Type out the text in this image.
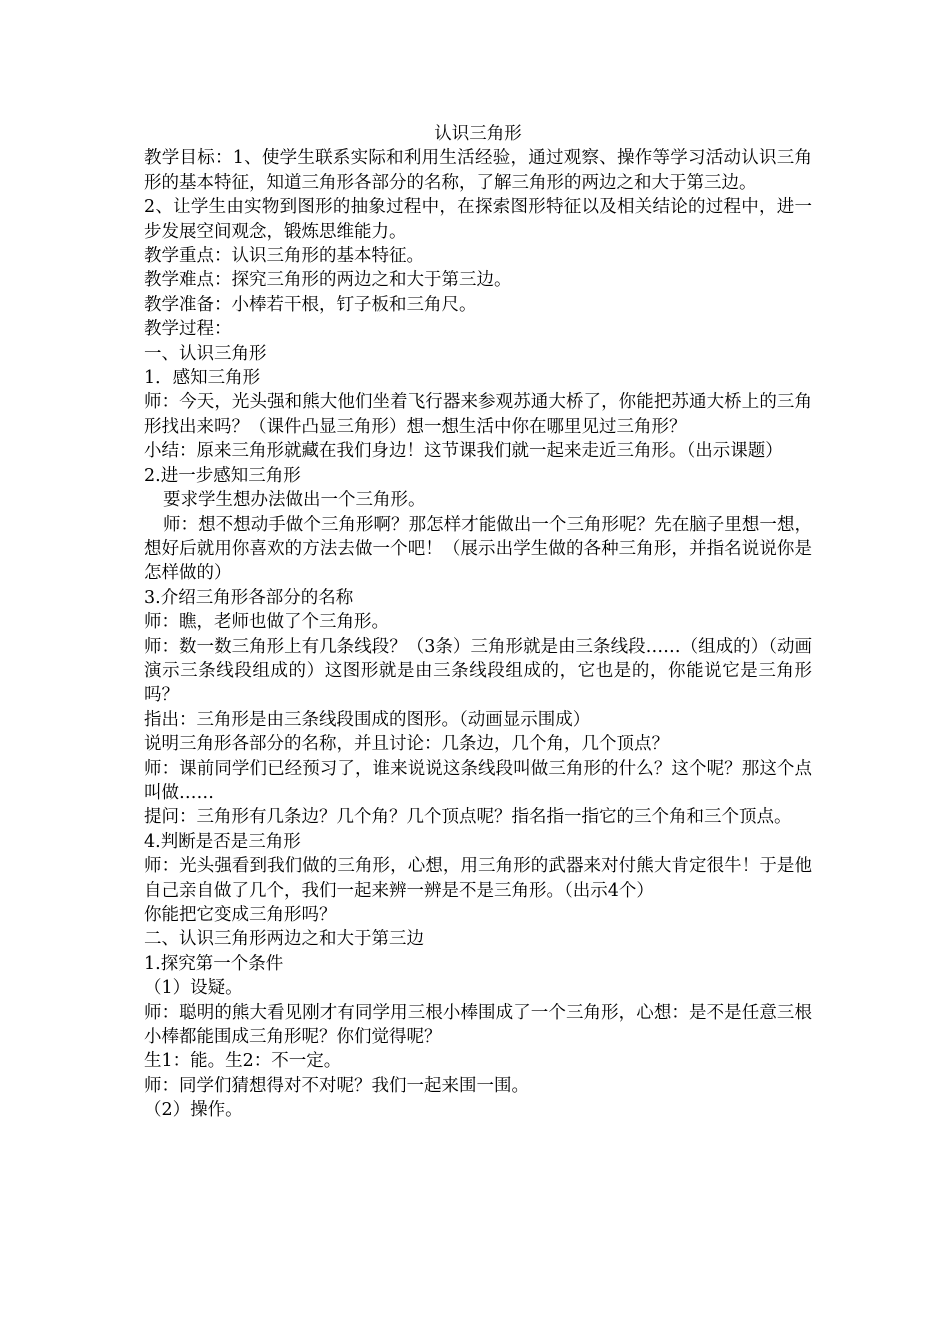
认识三角形

教学目标：1、使学生联系实际和利用生活经验，通过观察、操作等学习活动认识三角形的基本特征，知道三角形各部分的名称，了解三角形的两边之和大于第三边。

2、让学生由实物到图形的抽象过程中，在探索图形特征以及相关结论的过程中，进一步发展空间观念，锻炼思维能力。

教学重点：认识三角形的基本特征。

教学难点：探究三角形的两边之和大于第三边。

教学准备：小棒若干根，钉子板和三角尺。

教学过程：

一、认识三角形

1．感知三角形

师：今天，光头强和熊大他们坐着飞行器来参观苏通大桥了，你能把苏通大桥上的三角形找出来吗？（课件凸显三角形）想一想生活中你在哪里见过三角形？

小结：原来三角形就藏在我们身边！这节课我们就一起来走近三角形。（出示课题）

2.进一步感知三角形

要求学生想办法做出一个三角形。

师：想不想动手做个三角形啊？那怎样才能做出一个三角形呢？先在脑子里想一想，想好后就用你喜欢的方法去做一个吧！（展示出学生做的各种三角形，并指名说说你是怎样做的）

3.介绍三角形各部分的名称

师：瞧，老师也做了个三角形。

师：数一数三角形上有几条线段？（3条）三角形就是由三条线段……（组成的）（动画演示三条线段组成的）这图形就是由三条线段组成的，它也是的，你能说它是三角形吗？

指出：三角形是由三条线段围成的图形。（动画显示围成）

说明三角形各部分的名称，并且讨论：几条边，几个角，几个顶点？

师：课前同学们已经预习了，谁来说说这条线段叫做三角形的什么？这个呢？那这个点叫做……

提问：三角形有几条边？几个角？几个顶点呢？指名指一指它的三个角和三个顶点。

4.判断是否是三角形

师：光头强看到我们做的三角形，心想，用三角形的武器来对付熊大肯定很牛！于是他自己亲自做了几个，我们一起来辨一辨是不是三角形。（出示4个）

你能把它变成三角形吗？

二、认识三角形两边之和大于第三边

1.探究第一个条件

（1）设疑。

师：聪明的熊大看见刚才有同学用三根小棒围成了一个三角形，心想：是不是任意三根小棒都能围成三角形呢？你们觉得呢？

生1：能。生2：不一定。

师：同学们猜想得对不对呢？我们一起来围一围。

（2）操作。
